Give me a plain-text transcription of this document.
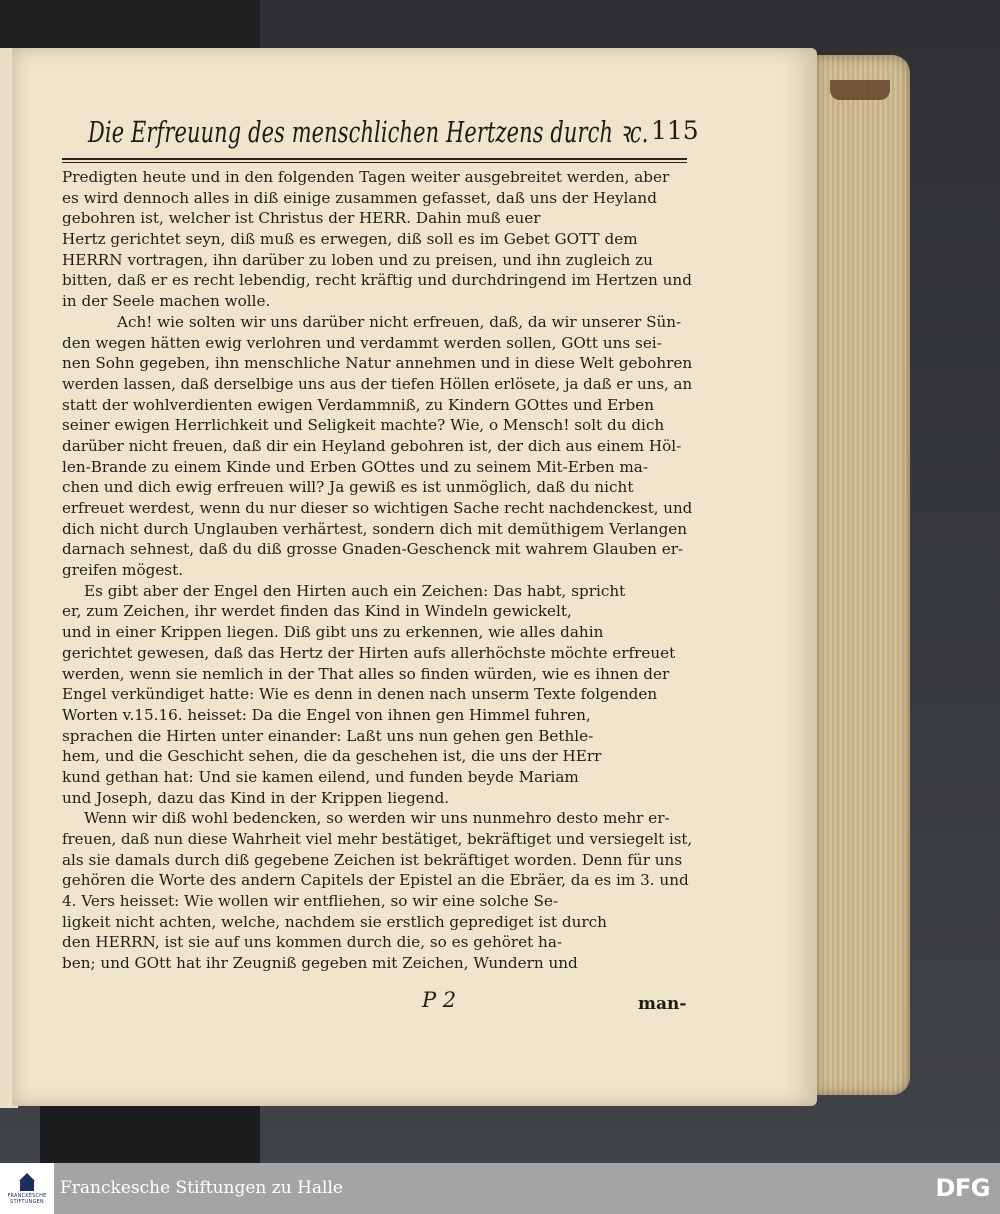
Die Erfreuung des menschlichen Hertzens durch ꝛc. 115
Predigten heute und in den folgenden Tagen weiter ausgebreitet werden, aber
es wird dennoch alles in diß einige zusammen gefasset, daß uns der Heyland
gebohren ist, welcher ist Christus der HERR. Dahin muß euer
Hertz gerichtet seyn, diß muß es erwegen, diß soll es im Gebet GOTT dem
HERRN vortragen, ihn darüber zu loben und zu preisen, und ihn zugleich zu
bitten, daß er es recht lebendig, recht kräftig und durchdringend im Hertzen und
in der Seele machen wolle.
Ach! wie solten wir uns darüber nicht erfreuen, daß, da wir unserer Sün-
den wegen hätten ewig verlohren und verdammt werden sollen, GOtt uns sei-
nen Sohn gegeben, ihn menschliche Natur annehmen und in diese Welt gebohren
werden lassen, daß derselbige uns aus der tiefen Höllen erlösete, ja daß er uns, an
statt der wohlverdienten ewigen Verdammniß, zu Kindern GOttes und Erben
seiner ewigen Herrlichkeit und Seligkeit machte? Wie, o Mensch! solt du dich
darüber nicht freuen, daß dir ein Heyland gebohren ist, der dich aus einem Höl-
len-Brande zu einem Kinde und Erben GOttes und zu seinem Mit-Erben ma-
chen und dich ewig erfreuen will? Ja gewiß es ist unmöglich, daß du nicht
erfreuet werdest, wenn du nur dieser so wichtigen Sache recht nachdenckest, und
dich nicht durch Unglauben verhärtest, sondern dich mit demüthigem Verlangen
darnach sehnest, daß du diß grosse Gnaden-Geschenck mit wahrem Glauben er-
greifen mögest.
Es gibt aber der Engel den Hirten auch ein Zeichen: Das habt, spricht
er, zum Zeichen, ihr werdet finden das Kind in Windeln gewickelt,
und in einer Krippen liegen. Diß gibt uns zu erkennen, wie alles dahin
gerichtet gewesen, daß das Hertz der Hirten aufs allerhöchste möchte erfreuet
werden, wenn sie nemlich in der That alles so finden würden, wie es ihnen der
Engel verkündiget hatte: Wie es denn in denen nach unserm Texte folgenden
Worten v.15.16. heisset: Da die Engel von ihnen gen Himmel fuhren,
sprachen die Hirten unter einander: Laßt uns nun gehen gen Bethle-
hem, und die Geschicht sehen, die da geschehen ist, die uns der HErr
kund gethan hat: Und sie kamen eilend, und funden beyde Mariam
und Joseph, dazu das Kind in der Krippen liegend.
Wenn wir diß wohl bedencken, so werden wir uns nunmehro desto mehr er-
freuen, daß nun diese Wahrheit viel mehr bestätiget, bekräftiget und versiegelt ist,
als sie damals durch diß gegebene Zeichen ist bekräftiget worden. Denn für uns
gehören die Worte des andern Capitels der Epistel an die Ebräer, da es im 3. und
4. Vers heisset: Wie wollen wir entfliehen, so wir eine solche Se-
ligkeit nicht achten, welche, nachdem sie erstlich geprediget ist durch
den HERRN, ist sie auf uns kommen durch die, so es gehöret ha-
ben; und GOtt hat ihr Zeugniß gegeben mit Zeichen, Wundern und
P 2	man-
FRANCKESCHE
STIFTUNGEN
Franckesche Stiftungen zu Halle	DFG
